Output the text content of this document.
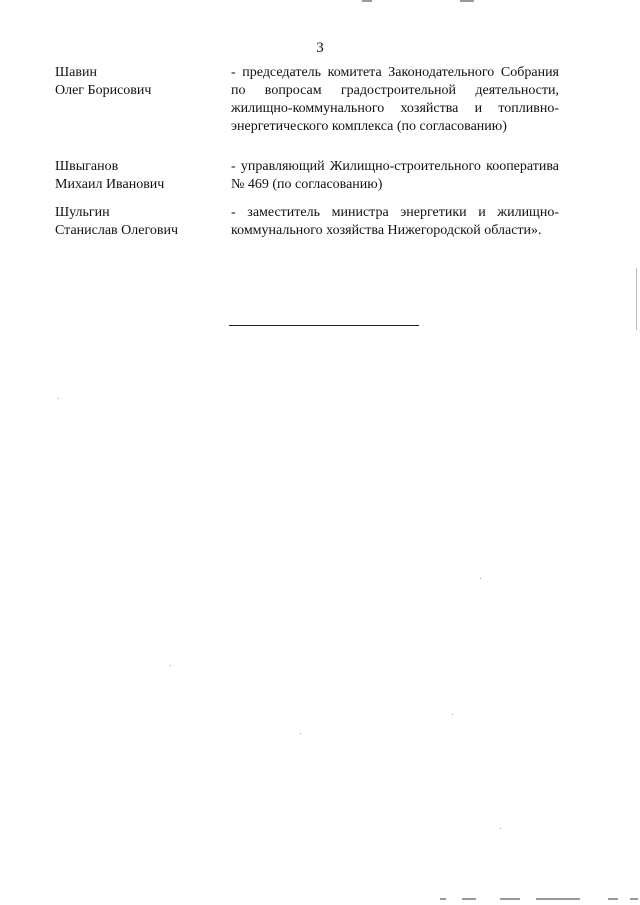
3
Шавин
Олег Борисович
- председатель комитета Законодательного Собрания по вопросам градостроительной деятельности, жилищно-коммунального хозяйства и топливно-энергетического комплекса (по согласованию)
Швыганов
Михаил Иванович
- управляющий Жилищно-строительного кооператива № 469 (по согласованию)
Шульгин
Станислав Олегович
- заместитель министра энергетики и жилищно-коммунального хозяйства Нижегородской области».
